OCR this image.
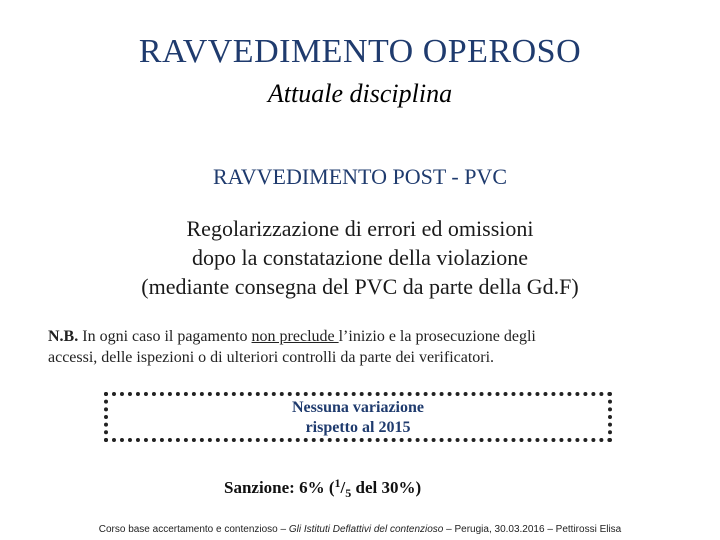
RAVVEDIMENTO OPEROSO
Attuale disciplina
RAVVEDIMENTO POST - PVC
Regolarizzazione di errori ed omissioni
dopo la constatazione della violazione
(mediante consegna del PVC da parte della Gd.F)
N.B. In ogni caso il pagamento non preclude l’inizio e la prosecuzione degli
accessi, delle ispezioni o di ulteriori controlli da parte dei verificatori.
Nessuna variazione
rispetto al 2015
Sanzione: 6% ($^1/_5$ del 30%)
Corso base accertamento e contenzioso – Gli Istituti Deflattivi del contenzioso – Perugia, 30.03.2016 – Pettirossi Elisa
